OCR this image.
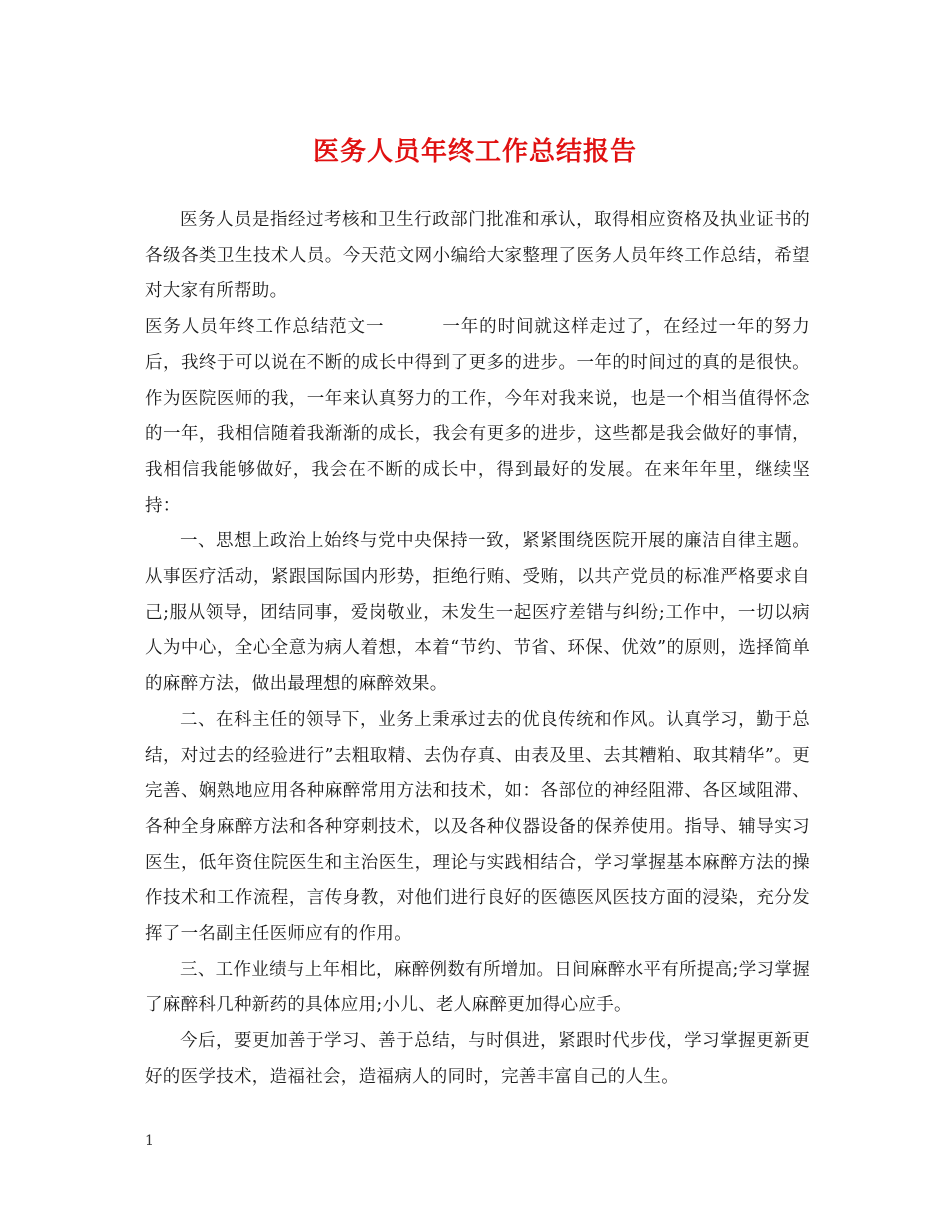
医务人员年终工作总结报告

医务人员是指经过考核和卫生行政部门批准和承认，取得相应资格及执业证书的各级各类卫生技术人员。今天范文网小编给大家整理了医务人员年终工作总结，希望对大家有所帮助。

医务人员年终工作总结范文一	一年的时间就这样走过了，在经过一年的努力后，我终于可以说在不断的成长中得到了更多的进步。一年的时间过的真的是很快。作为医院医师的我，一年来认真努力的工作，今年对我来说，也是一个相当值得怀念的一年，我相信随着我渐渐的成长，我会有更多的进步，这些都是我会做好的事情，我相信我能够做好，我会在不断的成长中，得到最好的发展。在来年年里，继续坚持：

一、思想上政治上始终与党中央保持一致，紧紧围绕医院开展的廉洁自律主题。从事医疗活动，紧跟国际国内形势，拒绝行贿、受贿，以共产党员的标准严格要求自己;服从领导，团结同事，爱岗敬业，未发生一起医疗差错与纠纷;工作中，一切以病人为中心，全心全意为病人着想，本着“节约、节省、环保、优效”的原则，选择简单的麻醉方法，做出最理想的麻醉效果。

二、在科主任的领导下，业务上秉承过去的优良传统和作风。认真学习，勤于总结，对过去的经验进行”去粗取精、去伪存真、由表及里、去其糟粕、取其精华”。更完善、娴熟地应用各种麻醉常用方法和技术，如：各部位的神经阻滞、各区域阻滞、各种全身麻醉方法和各种穿刺技术，以及各种仪器设备的保养使用。指导、辅导实习医生，低年资住院医生和主治医生，理论与实践相结合，学习掌握基本麻醉方法的操作技术和工作流程，言传身教，对他们进行良好的医德医风医技方面的浸染，充分发挥了一名副主任医师应有的作用。

三、工作业绩与上年相比，麻醉例数有所增加。日间麻醉水平有所提高;学习掌握了麻醉科几种新药的具体应用;小儿、老人麻醉更加得心应手。

今后，要更加善于学习、善于总结，与时俱进，紧跟时代步伐，学习掌握更新更好的医学技术，造福社会，造福病人的同时，完善丰富自己的人生。

1
